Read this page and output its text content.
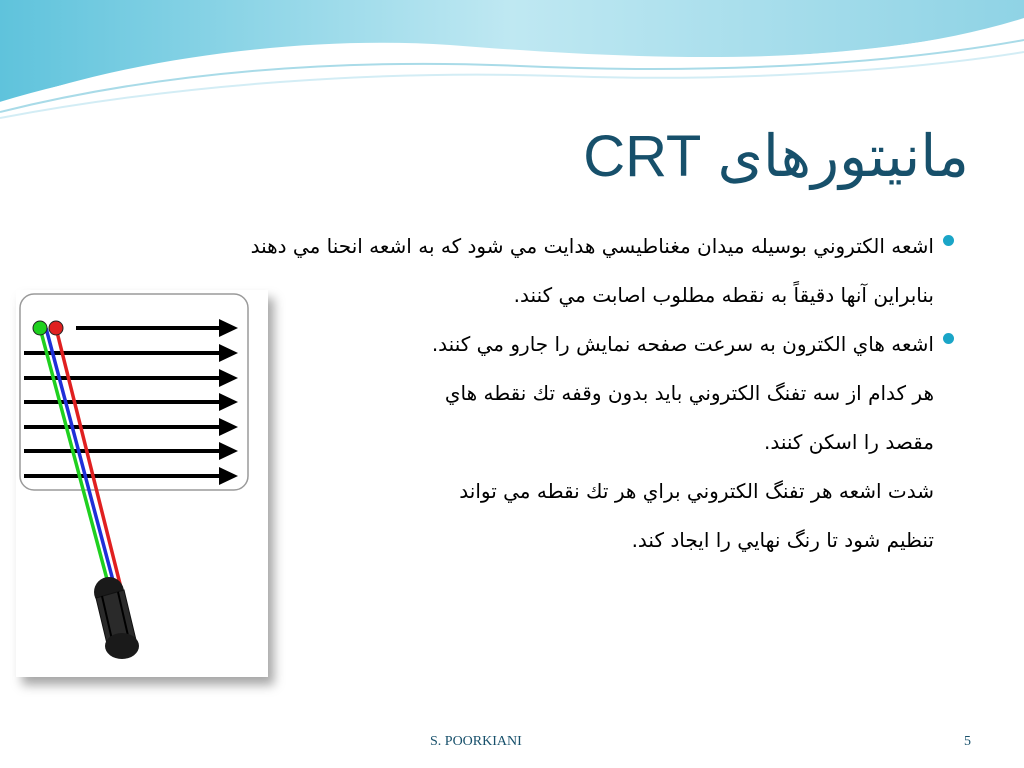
مانیتورهای CRT
اشعه الكتروني بوسيله ميدان مغناطيسي هدايت مي شود كه به اشعه انحنا مي دهند
بنابراین آنها دقیقاً به نقطه مطلوب اصابت مي كنند.
اشعه هاي الكترون به سرعت صفحه نمايش را جارو مي كنند.
هر كدام از سه تفنگ الكتروني بايد بدون وقفه تك نقطه هاي
مقصد را اسكن كنند.
شدت اشعه هر تفنگ الكتروني براي هر تك نقطه مي تواند
تنظيم شود تا رنگ نهايي را ايجاد كند.
S. POORKIANI	5
